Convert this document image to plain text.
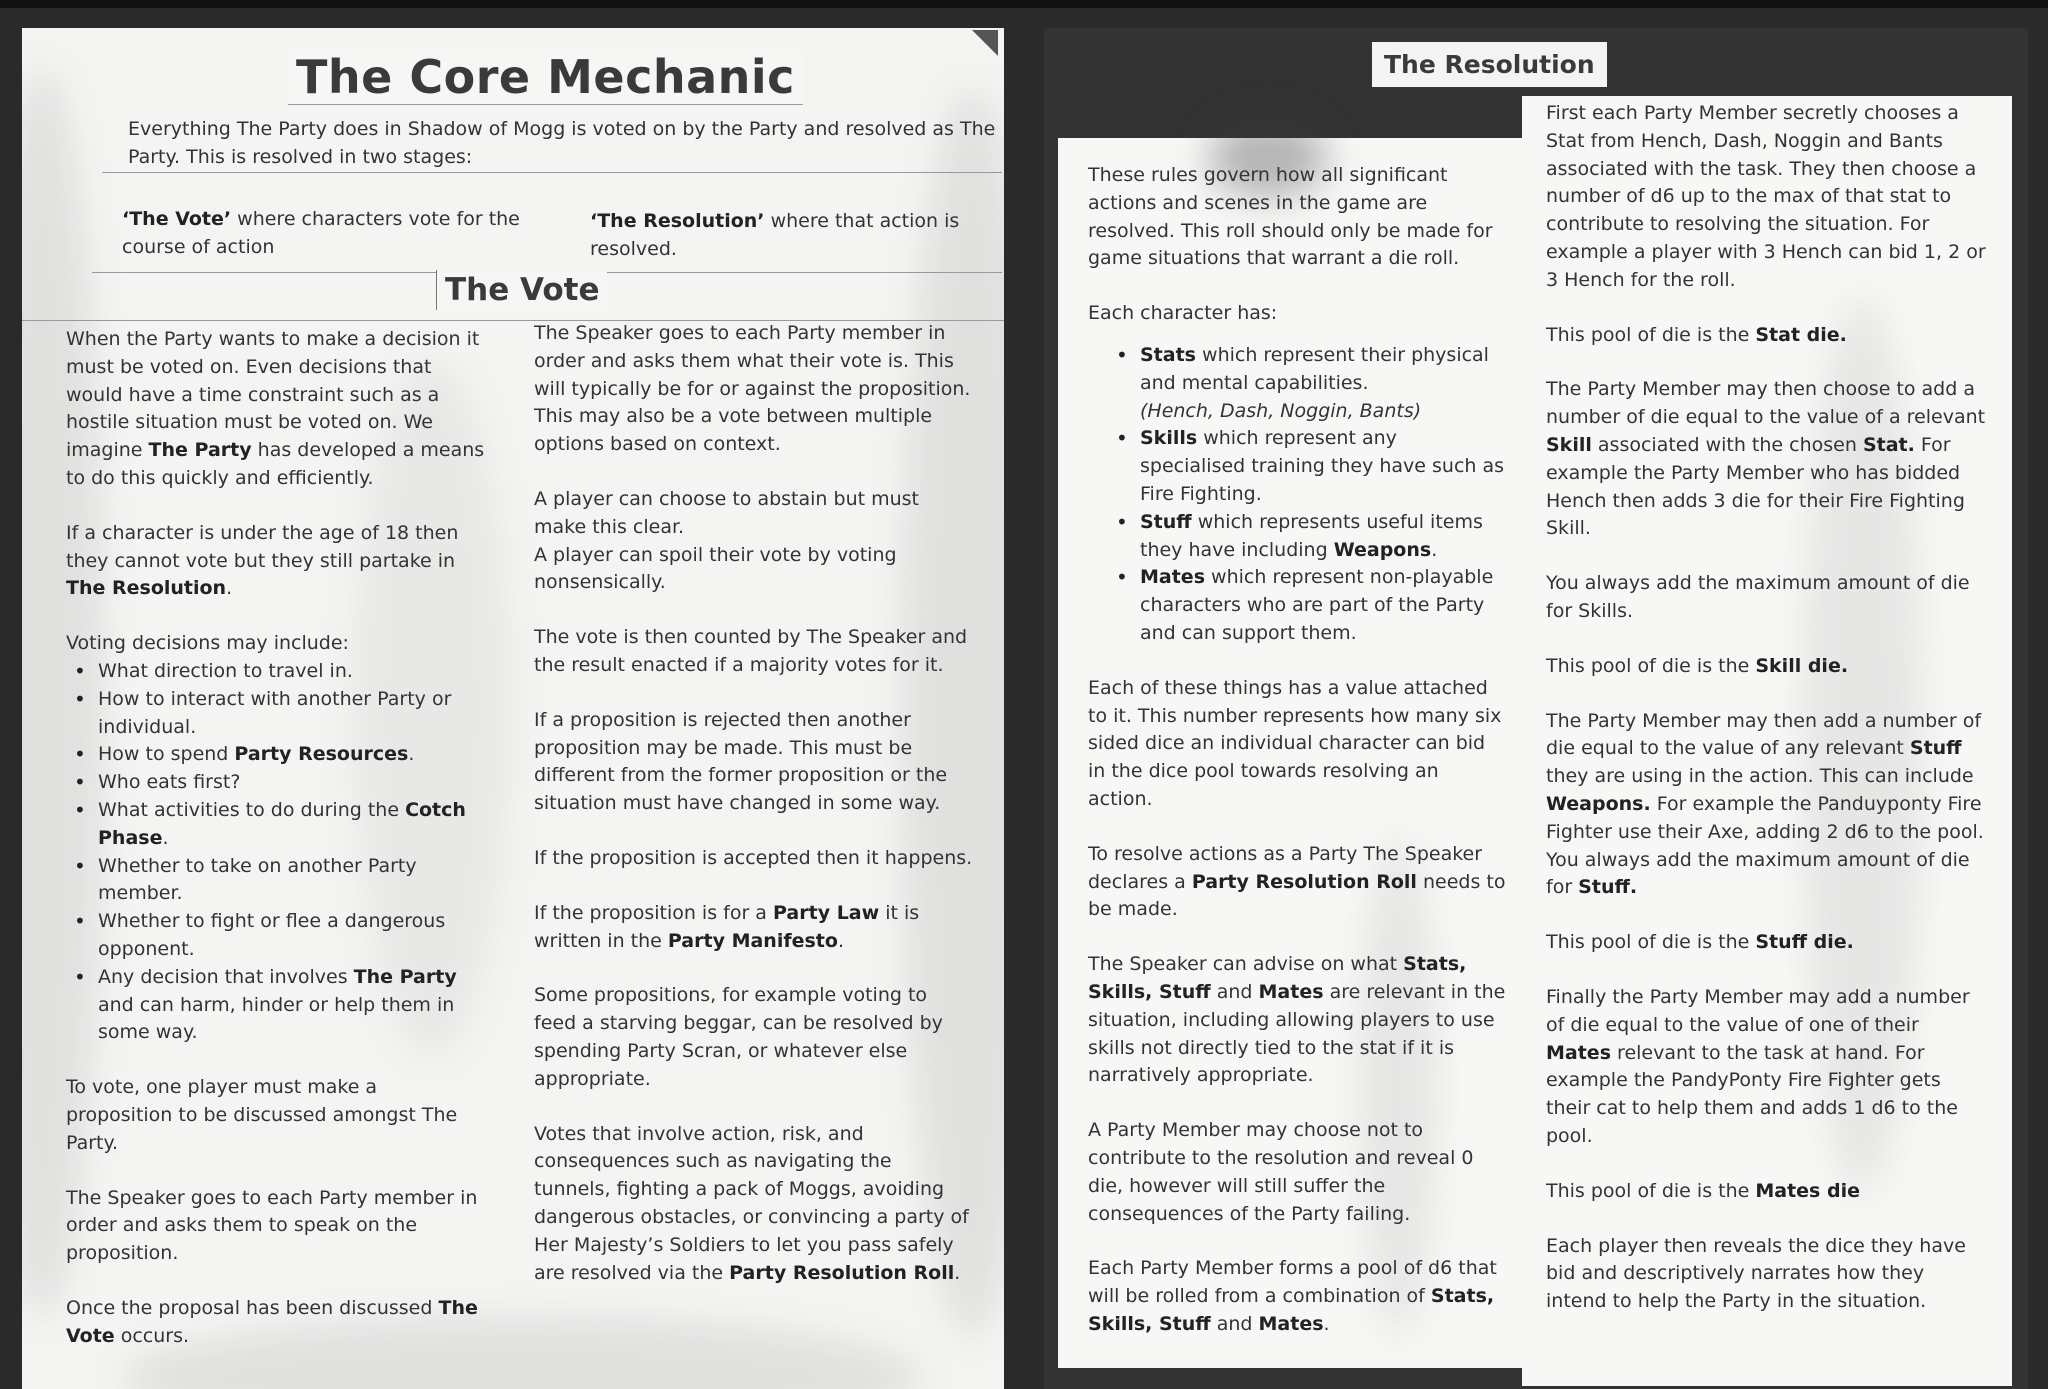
The Core Mechanic
Everything The Party does in Shadow of Mogg is voted on by the Party and resolved as The Party. This is resolved in two stages:
‘The Vote’ where characters vote for the course of action
‘The Resolution’ where that action is resolved.
The Vote

When the Party wants to make a decision it must be voted on. Even decisions that would have a time constraint such as a hostile situation must be voted on. We imagine The Party has developed a means to do this quickly and efficiently.

If a character is under the age of 18 then they cannot vote but they still partake in The Resolution.

Voting decisions may include:
• What direction to travel in.
• How to interact with another Party or individual.
• How to spend Party Resources.
• Who eats first?
• What activities to do during the Cotch Phase.
• Whether to take on another Party member.
• Whether to fight or flee a dangerous opponent.
• Any decision that involves The Party and can harm, hinder or help them in some way.

To vote, one player must make a proposition to be discussed amongst The Party.

The Speaker goes to each Party member in order and asks them to speak on the proposition.

Once the proposal has been discussed The Vote occurs.

The Speaker goes to each Party member in order and asks them what their vote is. This will typically be for or against the proposition. This may also be a vote between multiple options based on context.

A player can choose to abstain but must make this clear.
A player can spoil their vote by voting nonsensically.

The vote is then counted by The Speaker and the result enacted if a majority votes for it.

If a proposition is rejected then another proposition may be made. This must be different from the former proposition or the situation must have changed in some way.

If the proposition is accepted then it happens.

If the proposition is for a Party Law it is written in the Party Manifesto.

Some propositions, for example voting to feed a starving beggar, can be resolved by spending Party Scran, or whatever else appropriate.

Votes that involve action, risk, and consequences such as navigating the tunnels, fighting a pack of Moggs, avoiding dangerous obstacles, or convincing a party of Her Majesty’s Soldiers to let you pass safely are resolved via the Party Resolution Roll.

The Resolution

These rules govern how all significant actions and scenes in the game are resolved. This roll should only be made for game situations that warrant a die roll.

Each character has:
• Stats which represent their physical and mental capabilities.
(Hench, Dash, Noggin, Bants)
• Skills which represent any specialised training they have such as Fire Fighting.
• Stuff which represents useful items they have including Weapons.
• Mates which represent non-playable characters who are part of the Party and can support them.

Each of these things has a value attached to it. This number represents how many six sided dice an individual character can bid in the dice pool towards resolving an action.

To resolve actions as a Party The Speaker declares a Party Resolution Roll needs to be made.

The Speaker can advise on what Stats, Skills, Stuff and Mates are relevant in the situation, including allowing players to use skills not directly tied to the stat if it is narratively appropriate.

A Party Member may choose not to contribute to the resolution and reveal 0 die, however will still suffer the consequences of the Party failing.

Each Party Member forms a pool of d6 that will be rolled from a combination of Stats, Skills, Stuff and Mates.

First each Party Member secretly chooses a Stat from Hench, Dash, Noggin and Bants associated with the task. They then choose a number of d6 up to the max of that stat to contribute to resolving the situation. For example a player with 3 Hench can bid 1, 2 or 3 Hench for the roll.

This pool of die is the Stat die.

The Party Member may then choose to add a number of die equal to the value of a relevant Skill associated with the chosen Stat. For example the Party Member who has bidded Hench then adds 3 die for their Fire Fighting Skill.

You always add the maximum amount of die for Skills.

This pool of die is the Skill die.

The Party Member may then add a number of die equal to the value of any relevant Stuff they are using in the action. This can include Weapons. For example the Panduyponty Fire Fighter use their Axe, adding 2 d6 to the pool.
You always add the maximum amount of die for Stuff.

This pool of die is the Stuff die.

Finally the Party Member may add a number of die equal to the value of one of their Mates relevant to the task at hand. For example the PandyPonty Fire Fighter gets their cat to help them and adds 1 d6 to the pool.

This pool of die is the Mates die

Each player then reveals the dice they have bid and descriptively narrates how they intend to help the Party in the situation.
